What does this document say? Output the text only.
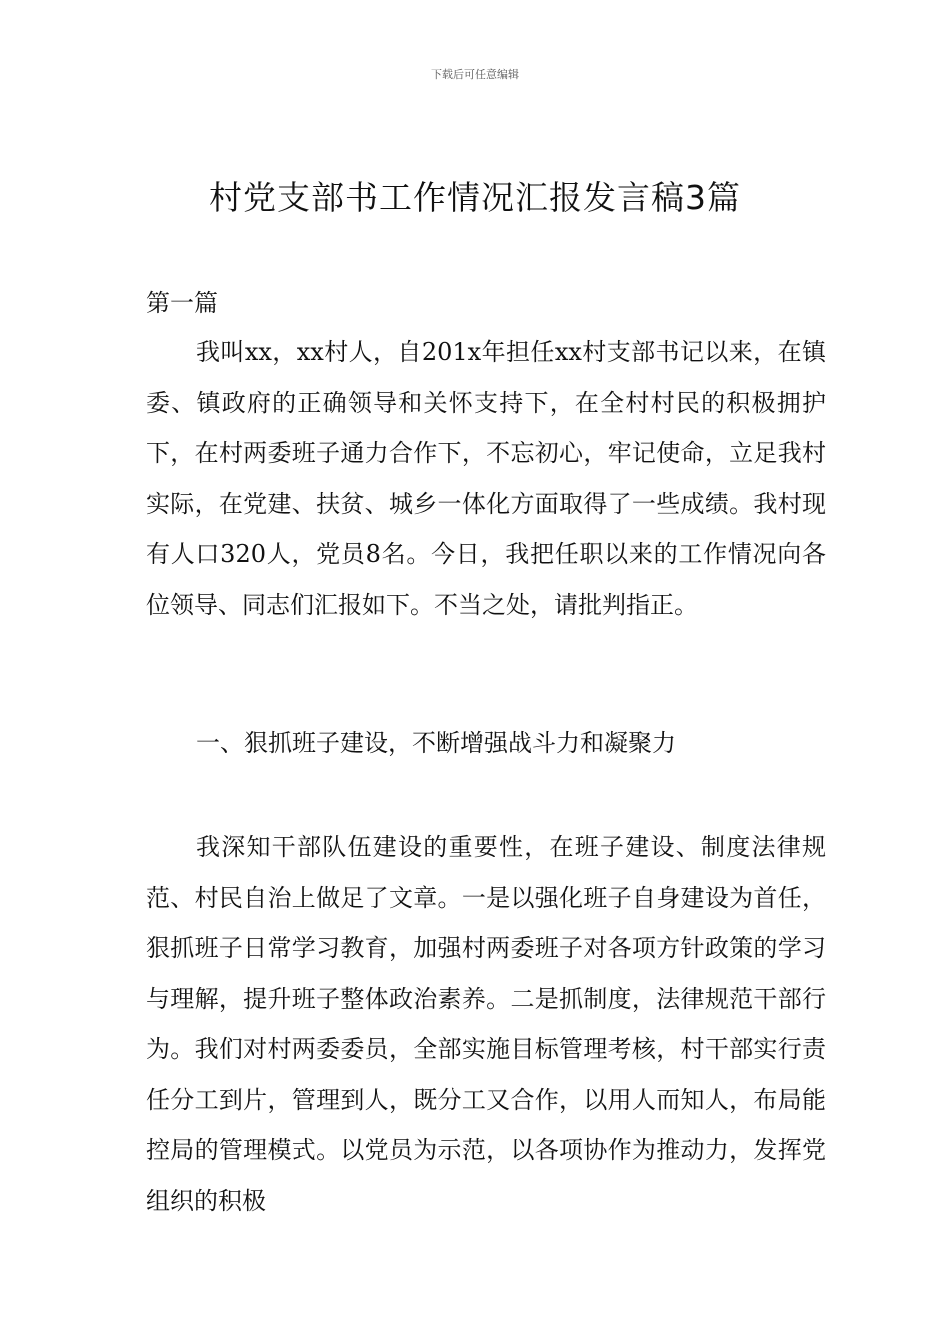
下载后可任意编辑
村党支部书工作情况汇报发言稿3篇
第一篇

我叫xx，xx村人，自201x年担任xx村支部书记以来，在镇委、镇政府的正确领导和关怀支持下，在全村村民的积极拥护下，在村两委班子通力合作下，不忘初心，牢记使命，立足我村实际，在党建、扶贫、城乡一体化方面取得了一些成绩。我村现有人口320人，党员8名。今日，我把任职以来的工作情况向各位领导、同志们汇报如下。不当之处，请批判指正。

一、狠抓班子建设，不断增强战斗力和凝聚力

我深知干部队伍建设的重要性，在班子建设、制度法律规范、村民自治上做足了文章。一是以强化班子自身建设为首任，狠抓班子日常学习教育，加强村两委班子对各项方针政策的学习与理解，提升班子整体政治素养。二是抓制度，法律规范干部行为。我们对村两委委员，全部实施目标管理考核，村干部实行责任分工到片，管理到人，既分工又合作，以用人而知人，布局能控局的管理模式。以党员为示范，以各项协作为推动力，发挥党组织的积极
